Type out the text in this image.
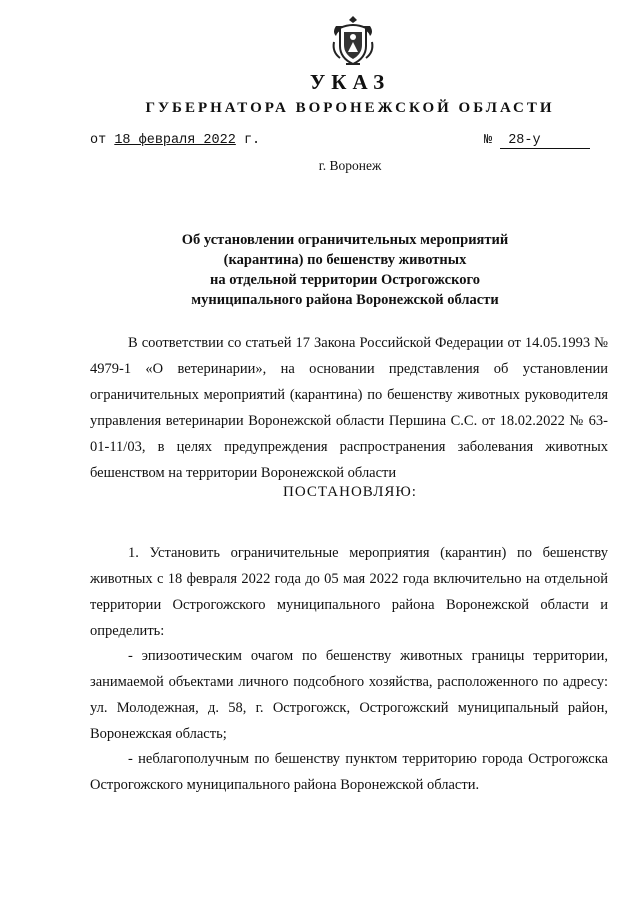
УКАЗ
ГУБЕРНАТОРА ВОРОНЕЖСКОЙ ОБЛАСТИ
от 18 февраля 2022 г.	№ 28-у
г. Воронеж
Об установлении ограничительных мероприятий
(карантина) по бешенству животных
на отдельной территории Острогожского
муниципального района Воронежской области
В соответствии со статьей 17 Закона Российской Федерации от 14.05.1993 № 4979-1 «О ветеринарии», на основании представления об установлении ограничительных мероприятий (карантина) по бешенству животных руководителя управления ветеринарии Воронежской области Першина С.С. от 18.02.2022 № 63-01-11/03, в целях предупреждения распространения заболевания животных бешенством на территории Воронежской области
ПОСТАНОВЛЯЮ:
1. Установить ограничительные мероприятия (карантин) по бешенству животных с 18 февраля 2022 года до 05 мая 2022 года включительно на отдельной территории Острогожского муниципального района Воронежской области и определить:
- эпизоотическим очагом по бешенству животных границы территории, занимаемой объектами личного подсобного хозяйства, расположенного по адресу: ул. Молодежная, д. 58, г. Острогожск, Острогожский муниципальный район, Воронежская область;
- неблагополучным по бешенству пунктом территорию города Острогожска Острогожского муниципального района Воронежской области.
